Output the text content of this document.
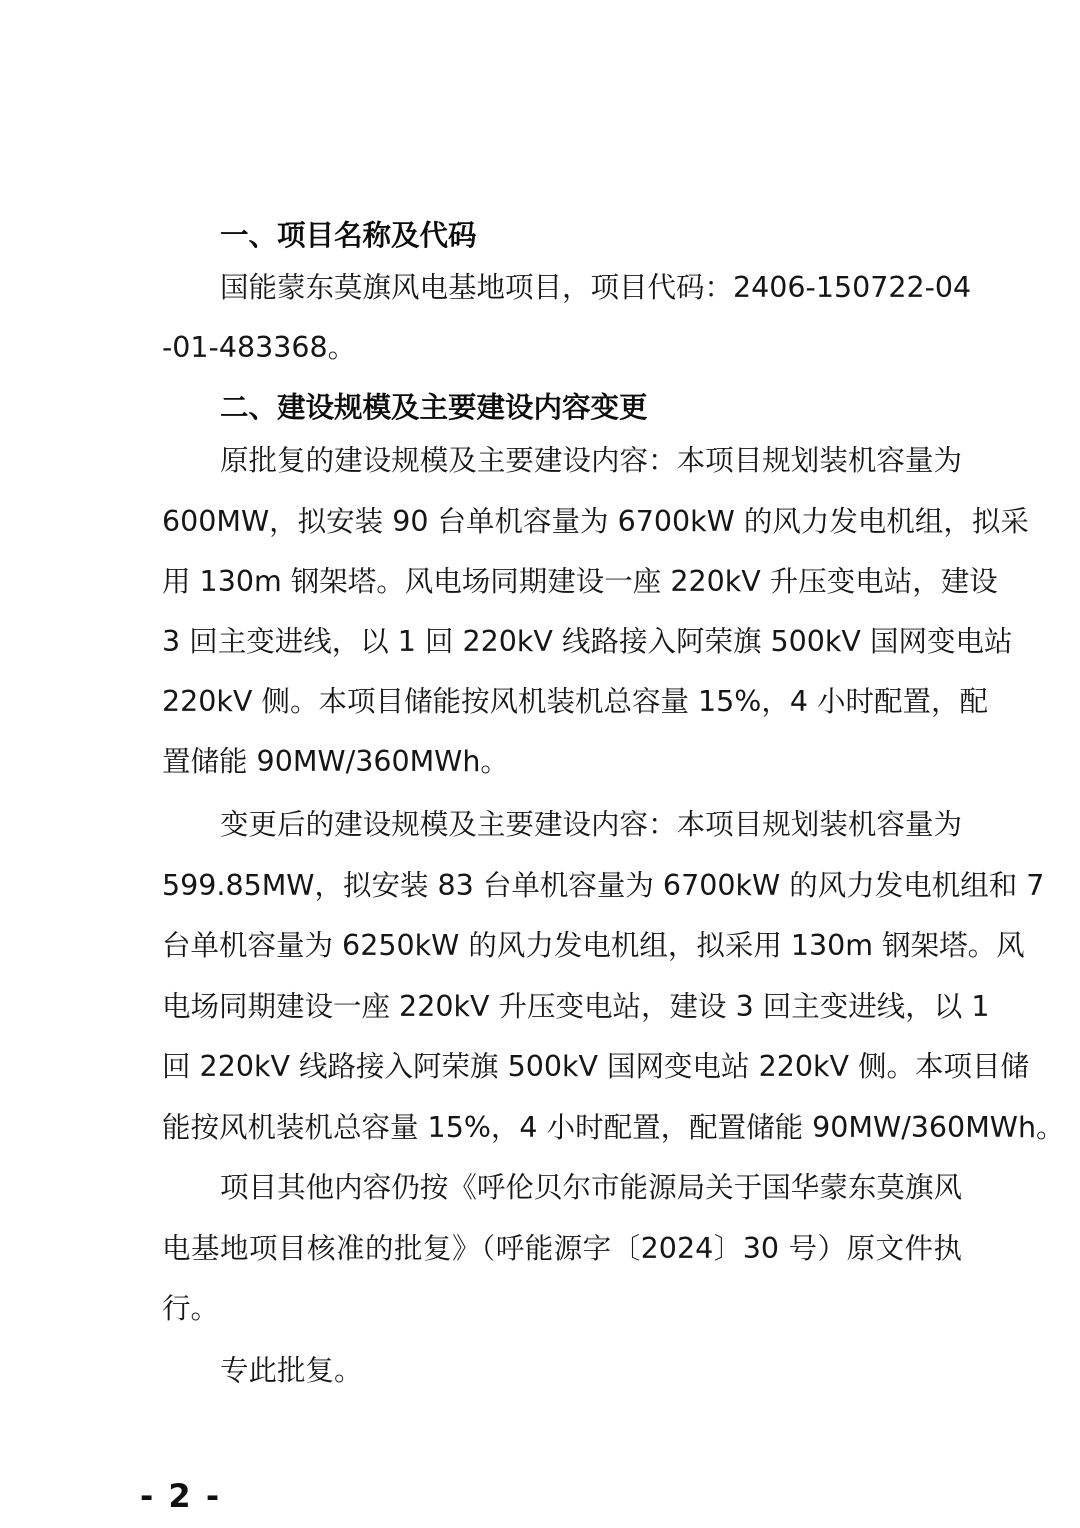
一、项目名称及代码
国能蒙东莫旗风电基地项目，项目代码：2406-150722-04
-01-483368。
二、建设规模及主要建设内容变更
原批复的建设规模及主要建设内容：本项目规划装机容量为
600MW，拟安装 90 台单机容量为 6700kW 的风力发电机组，拟采
用 130m 钢架塔。风电场同期建设一座 220kV 升压变电站，建设
3 回主变进线，以 1 回 220kV 线路接入阿荣旗 500kV 国网变电站
220kV 侧。本项目储能按风机装机总容量 15%，4 小时配置，配
置储能 90MW/360MWh。
变更后的建设规模及主要建设内容：本项目规划装机容量为
599.85MW，拟安装 83 台单机容量为 6700kW 的风力发电机组和 7
台单机容量为 6250kW 的风力发电机组，拟采用 130m 钢架塔。风
电场同期建设一座 220kV 升压变电站，建设 3 回主变进线，以 1
回 220kV 线路接入阿荣旗 500kV 国网变电站 220kV 侧。本项目储
能按风机装机总容量 15%，4 小时配置，配置储能 90MW/360MWh。
项目其他内容仍按《呼伦贝尔市能源局关于国华蒙东莫旗风
电基地项目核准的批复》（呼能源字〔2024〕30 号）原文件执
行。
专此批复。
- 2 -
